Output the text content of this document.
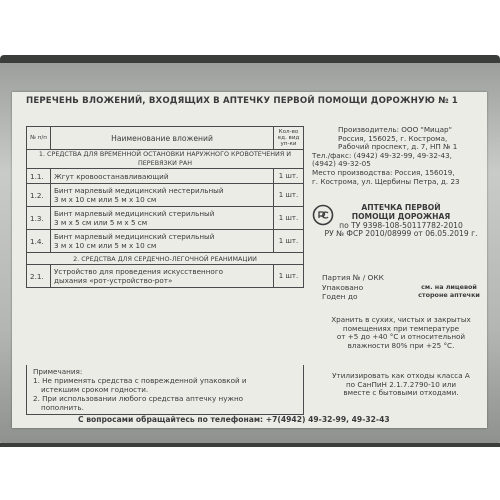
ПЕРЕЧЕНЬ ВЛОЖЕНИЙ, ВХОДЯЩИХ В АПТЕЧКУ ПЕРВОЙ ПОМОЩИ ДОРОЖНУЮ № 1
№ п/п	Наименование вложений	Кол-во ед. вид уп-ки
1. СРЕДСТВА ДЛЯ ВРЕМЕННОЙ ОСТАНОВКИ НАРУЖНОГО КРОВОТЕЧЕНИЯ И ПЕРЕВЯЗКИ РАН		
1.1.	Жгут кровоостанавливающий	1 шт.
1.2.	Бинт марлевый медицинский нестерильный
3 м х 10 см или 5 м х 10 см	1 шт.
1.3.	Бинт марлевый медицинский стерильный
3 м х 5 см или 5 м х 5 см	1 шт.
1.4.	Бинт марлевый медицинский стерильный
3 м х 10 см или 5 м х 10 см	1 шт.
2. СРЕДСТВА ДЛЯ СЕРДЕЧНО-ЛЕГОЧНОЙ РЕАНИМАЦИИ		
2.1.	Устройство для проведения искусственного
дыхания «рот-устройство-рот»	1 шт.
Примечания:
1. Не применять средства с поврежденной упаковкой и
истекшим сроком годности.
2. При использовании любого средства аптечку нужно
пополнить.
С вопросами обращайтесь по телефонам: +7(4942) 49-32-99, 49-32-43
Производитель: ООО "Мицар"
Россия, 156025, г. Кострома,
Рабочий проспект, д. 7, НП № 1
Тел./факс: (4942) 49-32-99, 49-32-43,
(4942) 49-32-05
Место производства: Россия, 156019,
г. Кострома, ул. Щербины Петра, д. 23
АПТЕЧКА ПЕРВОЙ
ПОМОЩИ ДОРОЖНАЯ
по ТУ 9398-108-50117782-2010
РУ № ФСР 2010/08999 от 06.05.2019 г.
Партия № / ОКК
Упаковано
Годен до
см. на лицевой
стороне аптечки
Хранить в сухих, чистых и закрытых
помещениях при температуре
от +5 до +40 °С и относительной
влажности 80% при +25 °С.
Утилизировать как отходы класса А
по СанПиН 2.1.7.2790-10 или
вместе с бытовыми отходами.
